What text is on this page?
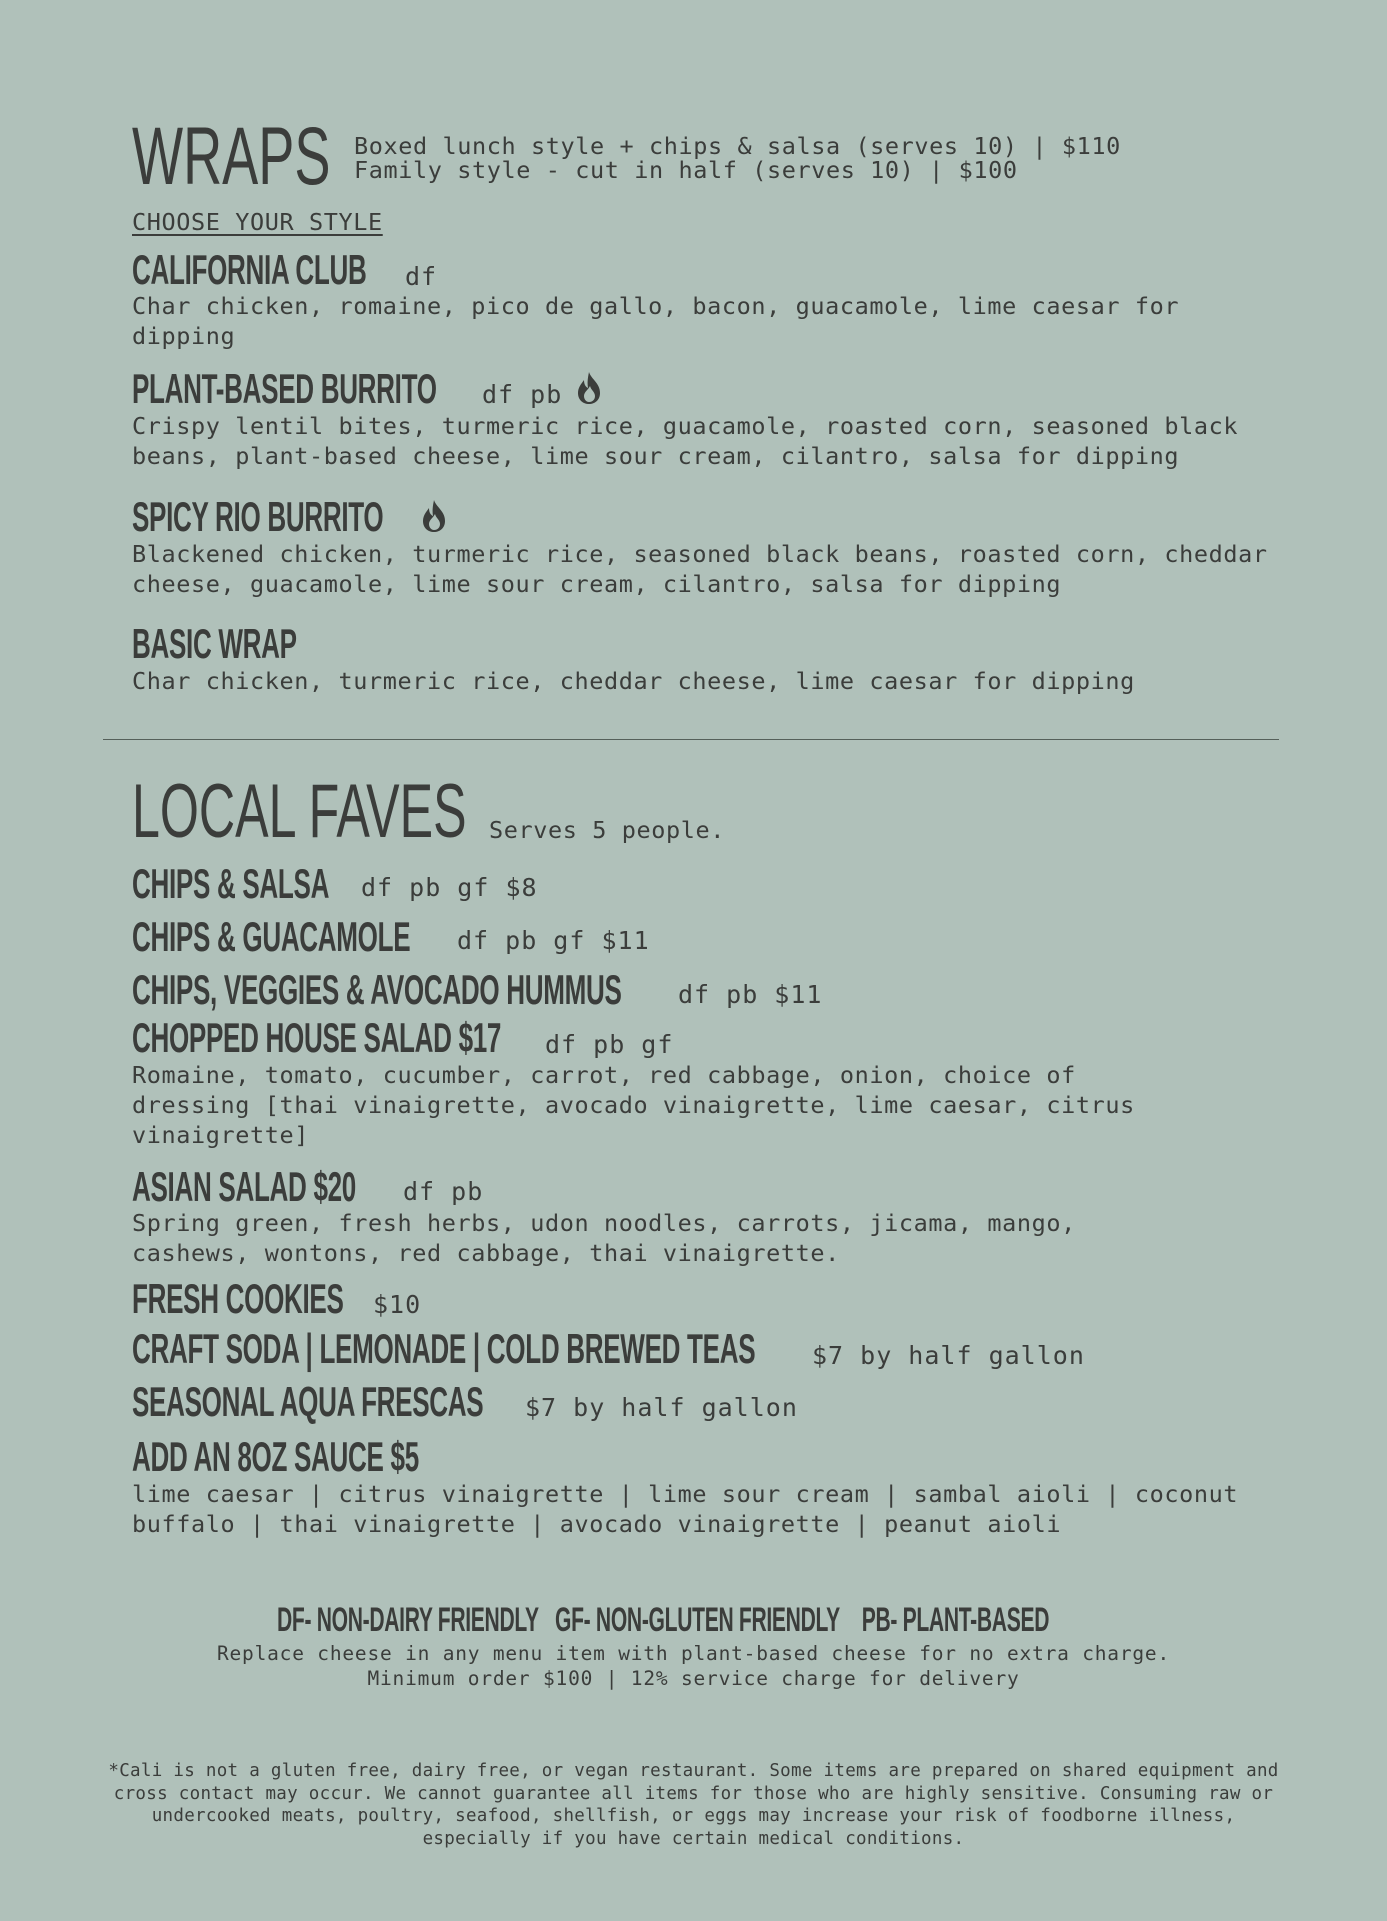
WRAPS	Boxed lunch style + chips & salsa (serves 10) | $110
Family style - cut in half (serves 10) | $100
CHOOSE YOUR STYLE
CALIFORNIA CLUB	df
Char chicken, romaine, pico de gallo, bacon, guacamole, lime caesar for dipping
PLANT-BASED BURRITO	df pb
Crispy lentil bites, turmeric rice, guacamole, roasted corn, seasoned black beans, plant-based cheese, lime sour cream, cilantro, salsa for dipping
SPICY RIO BURRITO
Blackened chicken, turmeric rice, seasoned black beans, roasted corn, cheddar cheese, guacamole, lime sour cream, cilantro, salsa for dipping
BASIC WRAP
Char chicken, turmeric rice, cheddar cheese, lime caesar for dipping
LOCAL FAVES Serves 5 people.
CHIPS & SALSA	df pb gf $8
CHIPS & GUACAMOLE	df pb gf $11
CHIPS, VEGGIES & AVOCADO HUMMUS	df pb $11
CHOPPED HOUSE SALAD $17	df pb gf
Romaine, tomato, cucumber, carrot, red cabbage, onion, choice of dressing [thai vinaigrette, avocado vinaigrette, lime caesar, citrus vinaigrette]
ASIAN SALAD $20	df pb
Spring green, fresh herbs, udon noodles, carrots, jicama, mango, cashews, wontons, red cabbage, thai vinaigrette.
FRESH COOKIES	$10
CRAFT SODA | LEMONADE | COLD BREWED TEAS	$7 by half gallon
SEASONAL AQUA FRESCAS	$7 by half gallon
ADD AN 8OZ SAUCE $5
lime caesar | citrus vinaigrette | lime sour cream | sambal aioli | coconut buffalo | thai vinaigrette | avocado vinaigrette | peanut aioli
DF- NON-DAIRY FRIENDLY   GF- NON-GLUTEN FRIENDLY    PB- PLANT-BASED
Replace cheese in any menu item with plant-based cheese for no extra charge.
Minimum order $100 | 12% service charge for delivery
*Cali is not a gluten free, dairy free, or vegan restaurant. Some items are prepared on shared equipment and cross contact may occur. We cannot guarantee all items for those who are highly sensitive. Consuming raw or undercooked meats, poultry, seafood, shellfish, or eggs may increase your risk of foodborne illness, especially if you have certain medical conditions.
